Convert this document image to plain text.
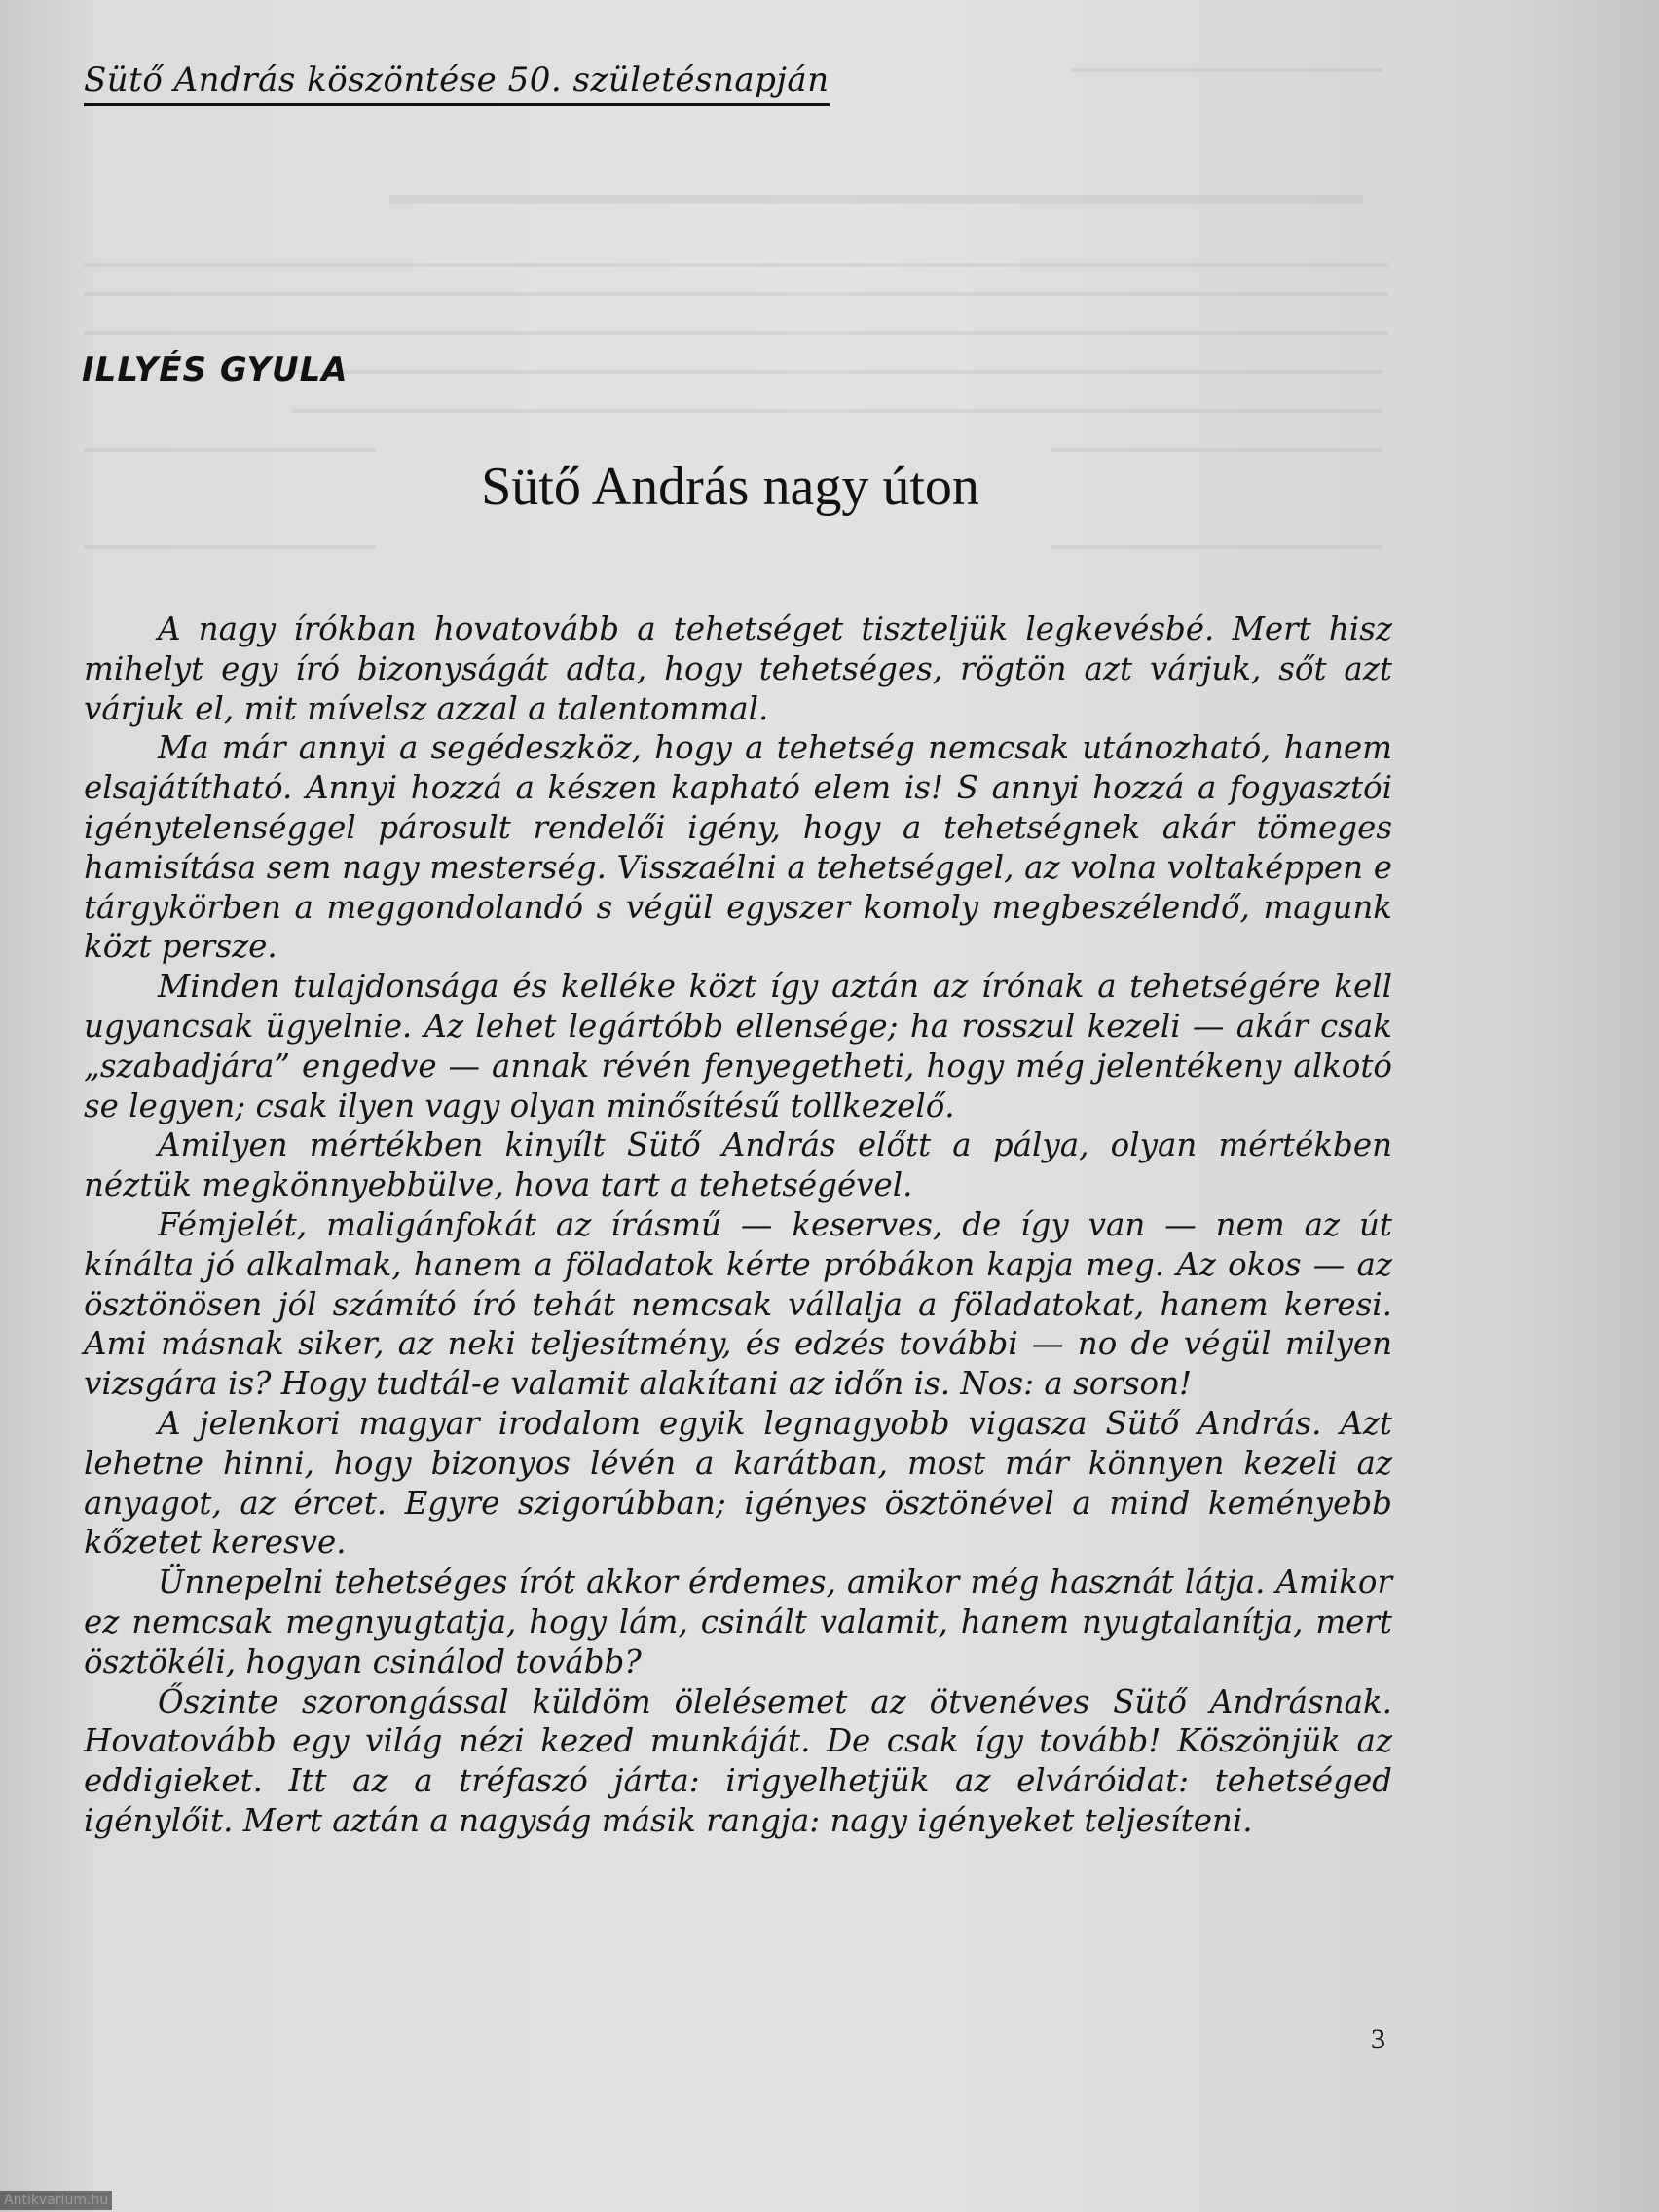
Sütő András köszöntése 50. születésnapján
ILLYÉS GYULA
Sütő András nagy úton

A nagy írókban hovatovább a tehetséget tiszteljük legkevésbé. Mert hisz mihelyt egy író bizonyságát adta, hogy tehetséges, rögtön azt várjuk, sőt azt várjuk el, mit mívelsz azzal a talentommal.

Ma már annyi a segédeszköz, hogy a tehetség nemcsak utánozható, hanem elsajátítható. Annyi hozzá a készen kapható elem is! S annyi hozzá a fogyasztói igénytelenséggel párosult rendelői igény, hogy a tehetségnek akár tömeges hamisítása sem nagy mesterség. Visszaélni a tehetséggel, az volna voltaképpen e tárgykörben a meggondolandó s végül egyszer komoly megbeszélendő, magunk közt persze.

Minden tulajdonsága és kelléke közt így aztán az írónak a tehetségére kell ugyancsak ügyelnie. Az lehet legártóbb ellensége; ha rosszul kezeli — akár csak „szabadjára” engedve — annak révén fenyegetheti, hogy még jelentékeny alkotó se legyen; csak ilyen vagy olyan minősítésű tollkezelő.

Amilyen mértékben kinyílt Sütő András előtt a pálya, olyan mértékben néztük megkönnyebbülve, hova tart a tehetségével.

Fémjelét, maligánfokát az írásmű — keserves, de így van — nem az út kínálta jó alkalmak, hanem a föladatok kérte próbákon kapja meg. Az okos — az ösztönösen jól számító író tehát nemcsak vállalja a föladatokat, hanem keresi. Ami másnak siker, az neki teljesítmény, és edzés további — no de végül milyen vizsgára is? Hogy tudtál-e valamit alakítani az időn is. Nos: a sorson!

A jelenkori magyar irodalom egyik legnagyobb vigasza Sütő András. Azt lehetne hinni, hogy bizonyos lévén a karátban, most már könnyen kezeli az anyagot, az ércet. Egyre szigorúbban; igényes ösztönével a mind keményebb kőzetet keresve.

Ünnepelni tehetséges írót akkor érdemes, amikor még hasznát látja. Amikor ez nemcsak megnyugtatja, hogy lám, csinált valamit, hanem nyugtalanítja, mert ösztökéli, hogyan csinálod tovább?

Őszinte szorongással küldöm ölelésemet az ötvenéves Sütő Andrásnak. Hovatovább egy világ nézi kezed munkáját. De csak így tovább! Köszönjük az eddigieket. Itt az a tréfaszó járta: irigyelhetjük az elváróidat: tehetséged igénylőit. Mert aztán a nagyság másik rangja: nagy igényeket teljesíteni.

3
Antikvarium.hu
